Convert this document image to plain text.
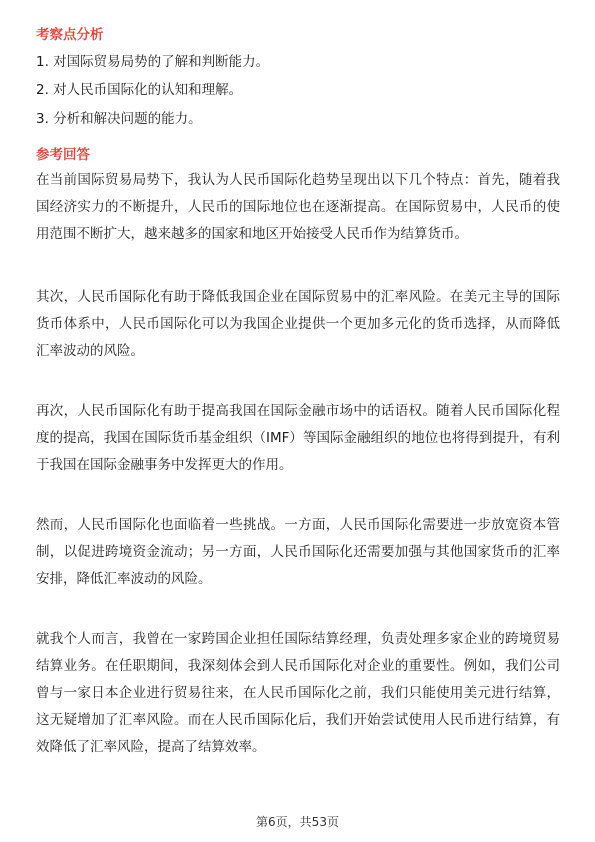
考察点分析
1. 对国际贸易局势的了解和判断能力。
2. 对人民币国际化的认知和理解。
3. 分析和解决问题的能力。
参考回答

在当前国际贸易局势下，我认为人民币国际化趋势呈现出以下几个特点：首先，随着我国经济实力的不断提升，人民币的国际地位也在逐渐提高。在国际贸易中，人民币的使用范围不断扩大，越来越多的国家和地区开始接受人民币作为结算货币。

其次，人民币国际化有助于降低我国企业在国际贸易中的汇率风险。在美元主导的国际货币体系中，人民币国际化可以为我国企业提供一个更加多元化的货币选择，从而降低汇率波动的风险。

再次，人民币国际化有助于提高我国在国际金融市场中的话语权。随着人民币国际化程度的提高，我国在国际货币基金组织（IMF）等国际金融组织的地位也将得到提升，有利于我国在国际金融事务中发挥更大的作用。

然而，人民币国际化也面临着一些挑战。一方面，人民币国际化需要进一步放宽资本管制，以促进跨境资金流动；另一方面，人民币国际化还需要加强与其他国家货币的汇率安排，降低汇率波动的风险。

就我个人而言，我曾在一家跨国企业担任国际结算经理，负责处理多家企业的跨境贸易结算业务。在任职期间，我深刻体会到人民币国际化对企业的重要性。例如，我们公司曾与一家日本企业进行贸易往来，在人民币国际化之前，我们只能使用美元进行结算，这无疑增加了汇率风险。而在人民币国际化后，我们开始尝试使用人民币进行结算，有效降低了汇率风险，提高了结算效率。

第6页，共53页
